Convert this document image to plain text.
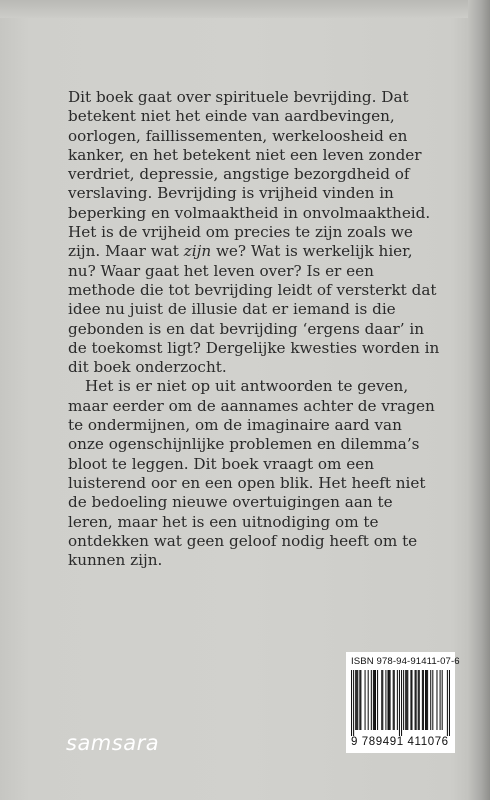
Dit boek gaat over spirituele bevrijding. Dat betekent niet het einde van aardbevingen, oorlogen, faillissementen, werkeloosheid en kanker, en het betekent niet een leven zonder verdriet, depressie, angstige bezorgdheid of verslaving. Bevrijding is vrijheid vinden in beperking en volmaaktheid in onvolmaaktheid. Het is de vrijheid om precies te zijn zoals we zijn. Maar wat zijn we? Wat is werkelijk hier, nu? Waar gaat het leven over? Is er een methode die tot bevrijding leidt of versterkt dat idee nu juist de illusie dat er iemand is die gebonden is en dat bevrijding ‘ergens daar’ in de toekomst ligt? Dergelijke kwesties worden in dit boek onderzocht.

Het is er niet op uit antwoorden te geven, maar eerder om de aannames achter de vragen te ondermijnen, om de imaginaire aard van onze ogenschijnlijke problemen en dilemma’s bloot te leggen. Dit boek vraagt om een luisterend oor en een open blik. Het heeft niet de bedoeling nieuwe overtuigingen aan te leren, maar het is een uitnodiging om te ontdekken wat geen geloof nodig heeft om te kunnen zijn.

ISBN 978-94-91411-07-6
9 789491 411076
samsara
